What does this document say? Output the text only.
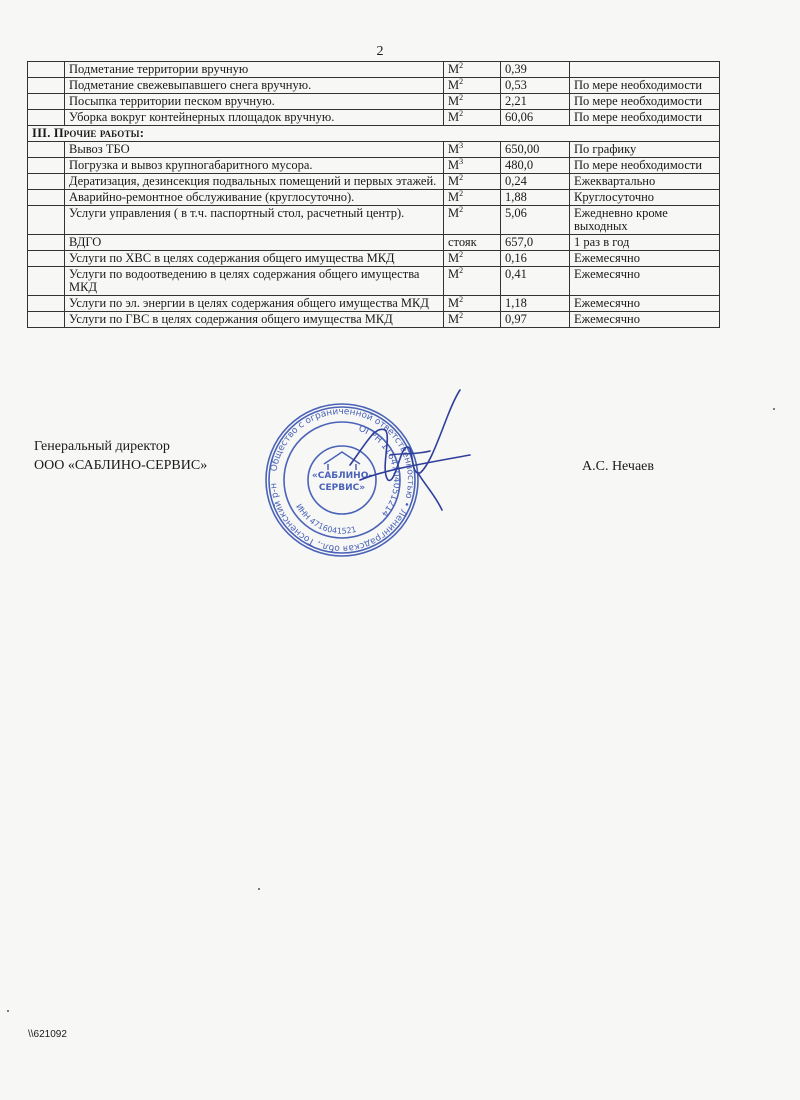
2
	Подметание территории вручную	$М^2$	0,39	
	Подметание свежевыпавшего снега вручную.	$М^2$	0,53	По мере необходимости
	Посыпка территории песком вручную.	$М^2$	2,21	По мере необходимости
	Уборка вокруг контейнерных площадок вручную.	$М^2$	60,06	По мере необходимости
III. Прочие работы:				
	Вывоз ТБО	$М^3$	650,00	По графику
	Погрузка и вывоз крупногабаритного мусора.	$М^3$	480,0	По мере необходимости
	Дератизация, дезинсекция подвальных помещений и первых этажей.	$М^2$	0,24	Ежеквартально
	Аварийно-ремонтное обслуживание (круглосуточно).	$М^2$	1,88	Круглосуточно
	Услуги управления ( в т.ч. паспортный стол, расчетный центр).	$М^2$	5,06	Ежедневно кроме выходных
	ВДГО	стояк	657,0	1 раз в год
	Услуги по ХВС в целях содержания общего имущества МКД	$М^2$	0,16	Ежемесячно
	Услуги по водоотведению в целях содержания общего имущества МКД	$М^2$	0,41	Ежемесячно
	Услуги по эл. энергии в целях содержания общего имущества МКД	$М^2$	1,18	Ежемесячно
	Услуги по ГВС в целях содержания общего имущества МКД	$М^2$	0,97	Ежемесячно
Генеральный директор
ООО «САБЛИНО-СЕРВИС»	А.С. Нечаев
Общество с ограниченной ответственностью • Ленинградская обл., Тосненский р-н
ОГРН 1164704051214
ИНН 4716041521
«САБЛИНО-
СЕРВИС»
\\621092
